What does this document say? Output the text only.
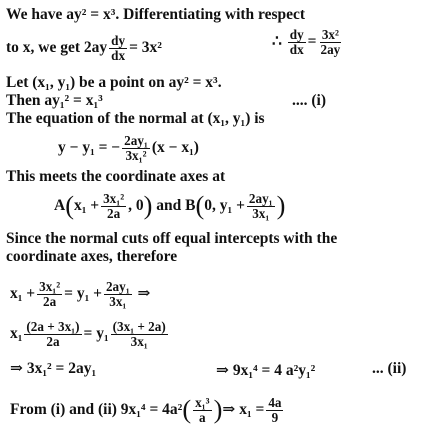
We have ay² = x³. Differentiating with respect
to x, we get $2ay \frac{dy}{dx} = 3x^2$	∴ $\frac{dy}{dx} = \frac{\text{3x²}}{2ay}$
Let (x₁, y₁) be a point on ay² = x³.
Then ay₁² = x₁³	.... (i)
The equation of the normal at (x₁, y₁) is
y − y₁ = − $\frac{\text{2ay₁}}{\text{3x₁²}} (x - x_1)$
This meets the coordinate axes at
$A(x_1 + \frac{\text{3x₁²}}{2a}$ , 0) and B(0, $y_1 + \frac{\text{2ay₁}}{\text{3x₁}}$ )
Since the normal cuts off equal intercepts with the
coordinate axes, therefore
$x_1 + \frac{\text{3x₁²}}{2a} = y_1 + \frac{\text{2ay₁}}{\text{3x₁}}$ ⇒
$x_1 \frac{\text{(2a + 3x₁)}}{2a} = y_1 \frac{\text{(3x₁ + 2a)}}{\text{3x₁}}$
⇒ 3x₁² = 2ay₁	⇒ 9x₁⁴ = 4 a²y₁²	... (ii)
From (i) and (ii) $9x_1^4 = 4a^2( \frac{\text{x₁³}}{a}$ )⇒ $x_1 = \frac{4a}{9}$
